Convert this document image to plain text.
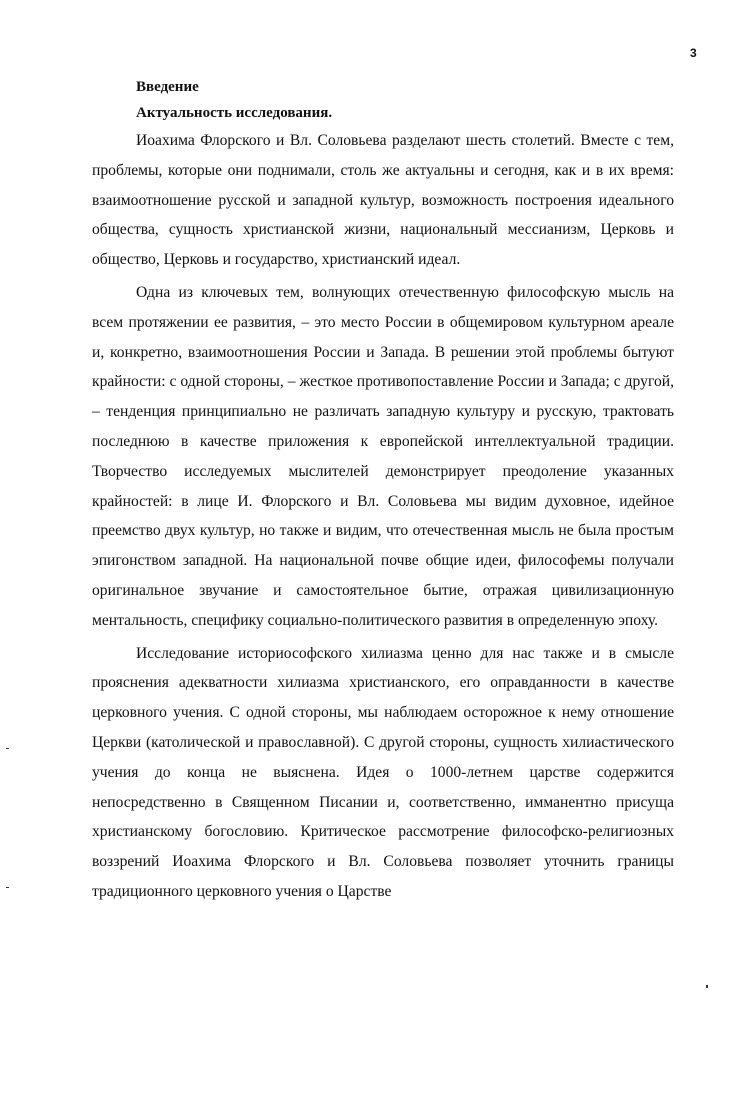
3

Введение

Актуальность исследования.

Иоахима Флорского и Вл. Соловьева разделают шесть столетий. Вместе с тем, проблемы, которые они поднимали, столь же актуальны и сегодня, как и в их время: взаимоотношение русской и западной культур, возможность построения идеального общества, сущность христианской жизни, национальный мессианизм, Церковь и общество, Церковь и государство, христианский идеал.

Одна из ключевых тем, волнующих отечественную философскую мысль на всем протяжении ее развития, – это место России в общемировом культурном ареале и, конкретно, взаимоотношения России и Запада. В решении этой проблемы бытуют крайности: с одной стороны, – жесткое противопоставление России и Запада; с другой, – тенденция принципиально не различать западную культуру и русскую, трактовать последнюю в качестве приложения к европейской интеллектуальной традиции. Творчество исследуемых мыслителей демонстрирует преодоление указанных крайностей: в лице И. Флорского и Вл. Соловьева мы видим духовное, идейное преемство двух культур, но также и видим, что отечественная мысль не была простым эпигонством западной. На национальной почве общие идеи, философемы получали оригинальное звучание и самостоятельное бытие, отражая цивилизационную ментальность, специфику социально-политического развития в определенную эпоху.

Исследование историософского хилиазма ценно для нас также и в смысле прояснения адекватности хилиазма христианского, его оправданности в качестве церковного учения. С одной стороны, мы наблюдаем осторожное к нему отношение Церкви (католической и православной). С другой стороны, сущность хилиастического учения до конца не выяснена. Идея о 1000-летнем царстве содержится непосредственно в Священном Писании и, соответственно, имманентно присуща христианскому богословию. Критическое рассмотрение философско-религиозных воззрений Иоахима Флорского и Вл. Соловьева позволяет уточнить границы традиционного церковного учения о Царстве
